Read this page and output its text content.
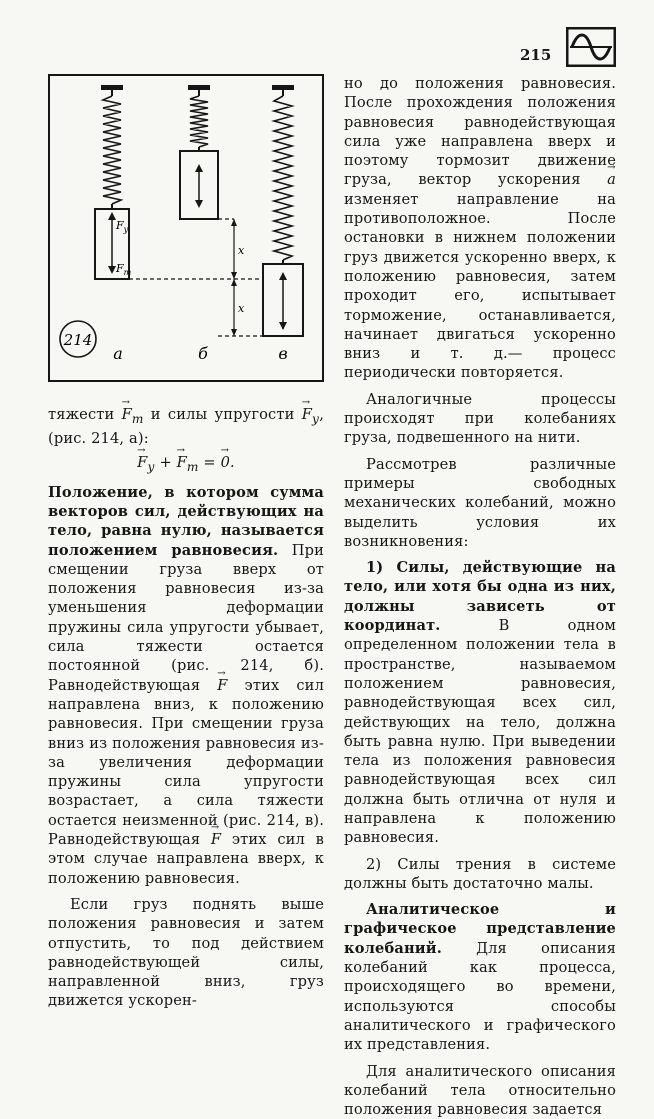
215
$F_у$
$F_т$
x
x
214
а	б	в

тяжести → $F_т$ и силы упругости → $F_у$, (рис. 214, а):

→ $F_у$ + → $F_т$ = → 0.

Положение, в котором сумма векторов сил, действующих на тело, равна нулю, называется положением равновесия. При смещении груза вверх от положения равновесия из-за уменьшения деформации пружины сила упругости убывает, сила тяжести остается постоянной (рис. 214, б). Равнодействующая → F этих сил направлена вниз, к положению равновесия. При смещении груза вниз из положения равновесия из-за увеличения деформации пружины сила упругости возрастает, а сила тяжести остается неизменной (рис. 214, в). Равнодействующая → F этих сил в этом случае направлена вверх, к положению равновесия.

Если груз поднять выше положения равновесия и затем отпустить, то под действием равнодействующей силы, направленной вниз, груз движется ускорен-

но до положения равновесия. После прохождения положения равновесия равнодействующая сила уже направлена вверх и поэтому тормозит движение груза, вектор ускорения → a изменяет направление на противоположное. После остановки в нижнем положении груз движется ускоренно вверх, к положению равновесия, затем проходит его, испытывает торможение, останавливается, начинает двигаться ускоренно вниз и т. д.— процесс периодически повторяется.

Аналогичные процессы происходят при колебаниях груза, подвешенного на нити.

Рассмотрев различные примеры свободных механических колебаний, можно выделить условия их возникновения:

1) Силы, действующие на тело, или хотя бы одна из них, должны зависеть от координат.	В одном определенном положении тела в пространстве, называемом положением равновесия, равнодействующая всех сил, действующих на тело, должна быть равна нулю. При выведении тела из положения равновесия равнодействующая всех сил должна быть отлична от нуля и направлена к положению равновесия.

2) Силы трения в системе должны быть достаточно малы.

Аналитическое и графическое представление колебаний. Для описания колебаний как процесса, происходящего во времени, используются способы аналитического и графического их представления.

Для аналитического описания колебаний тела относительно положения равновесия задается
